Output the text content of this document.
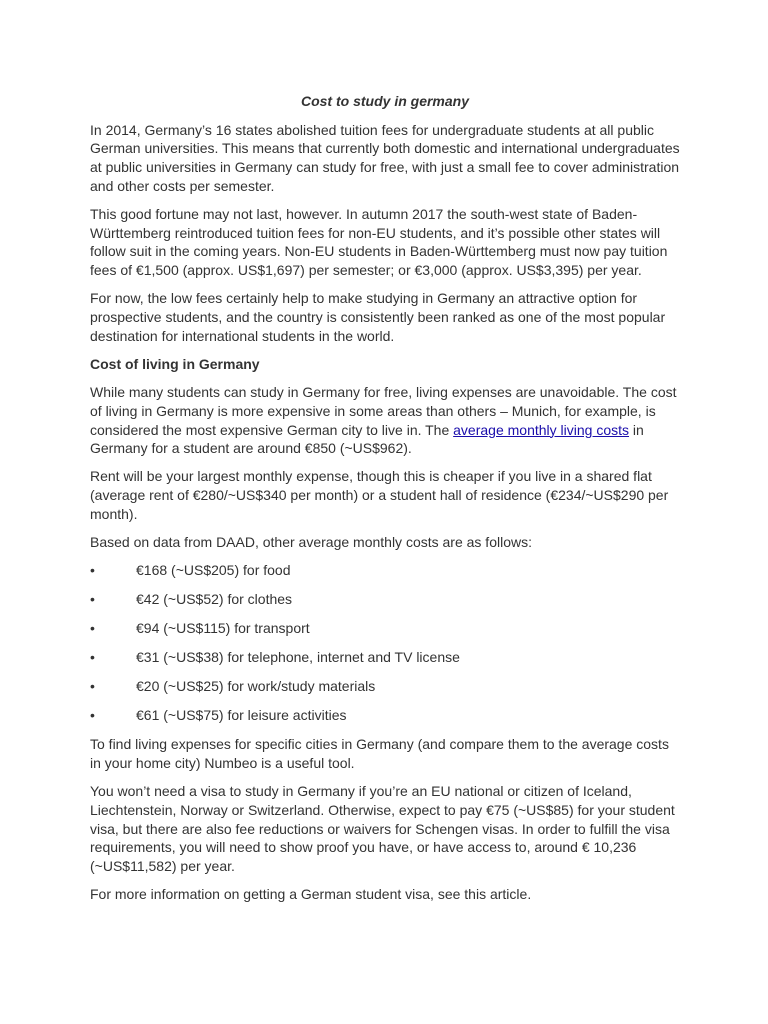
Cost to study in germany

In 2014, Germany’s 16 states abolished tuition fees for undergraduate students at all public German universities. This means that currently both domestic and international undergraduates at public universities in Germany can study for free, with just a small fee to cover administration and other costs per semester.

This good fortune may not last, however. In autumn 2017 the south-west state of Baden-Württemberg reintroduced tuition fees for non-EU students, and it’s possible other states will follow suit in the coming years. Non-EU students in Baden-Württemberg must now pay tuition fees of €1,500 (approx. US$1,697) per semester; or €3,000 (approx. US$3,395) per year.

For now, the low fees certainly help to make studying in Germany an attractive option for prospective students, and the country is consistently been ranked as one of the most popular destination for international students in the world.

Cost of living in Germany

While many students can study in Germany for free, living expenses are unavoidable. The cost of living in Germany is more expensive in some areas than others – Munich, for example, is considered the most expensive German city to live in. The average monthly living costs in Germany for a student are around €850 (~US$962).

Rent will be your largest monthly expense, though this is cheaper if you live in a shared flat (average rent of €280/~US$340 per month) or a student hall of residence (€234/~US$290 per month).

Based on data from DAAD, other average monthly costs are as follows:

•	€168 (~US$205) for food
•	€42 (~US$52) for clothes
•	€94 (~US$115) for transport
•	€31 (~US$38) for telephone, internet and TV license
•	€20 (~US$25) for work/study materials
•	€61 (~US$75) for leisure activities

To find living expenses for specific cities in Germany (and compare them to the average costs in your home city) Numbeo is a useful tool.

You won’t need a visa to study in Germany if you’re an EU national or citizen of Iceland, Liechtenstein, Norway or Switzerland. Otherwise, expect to pay €75 (~US$85) for your student visa, but there are also fee reductions or waivers for Schengen visas. In order to fulfill the visa requirements, you will need to show proof you have, or have access to, around € 10,236 (~US$11,582) per year.

For more information on getting a German student visa, see this article.
